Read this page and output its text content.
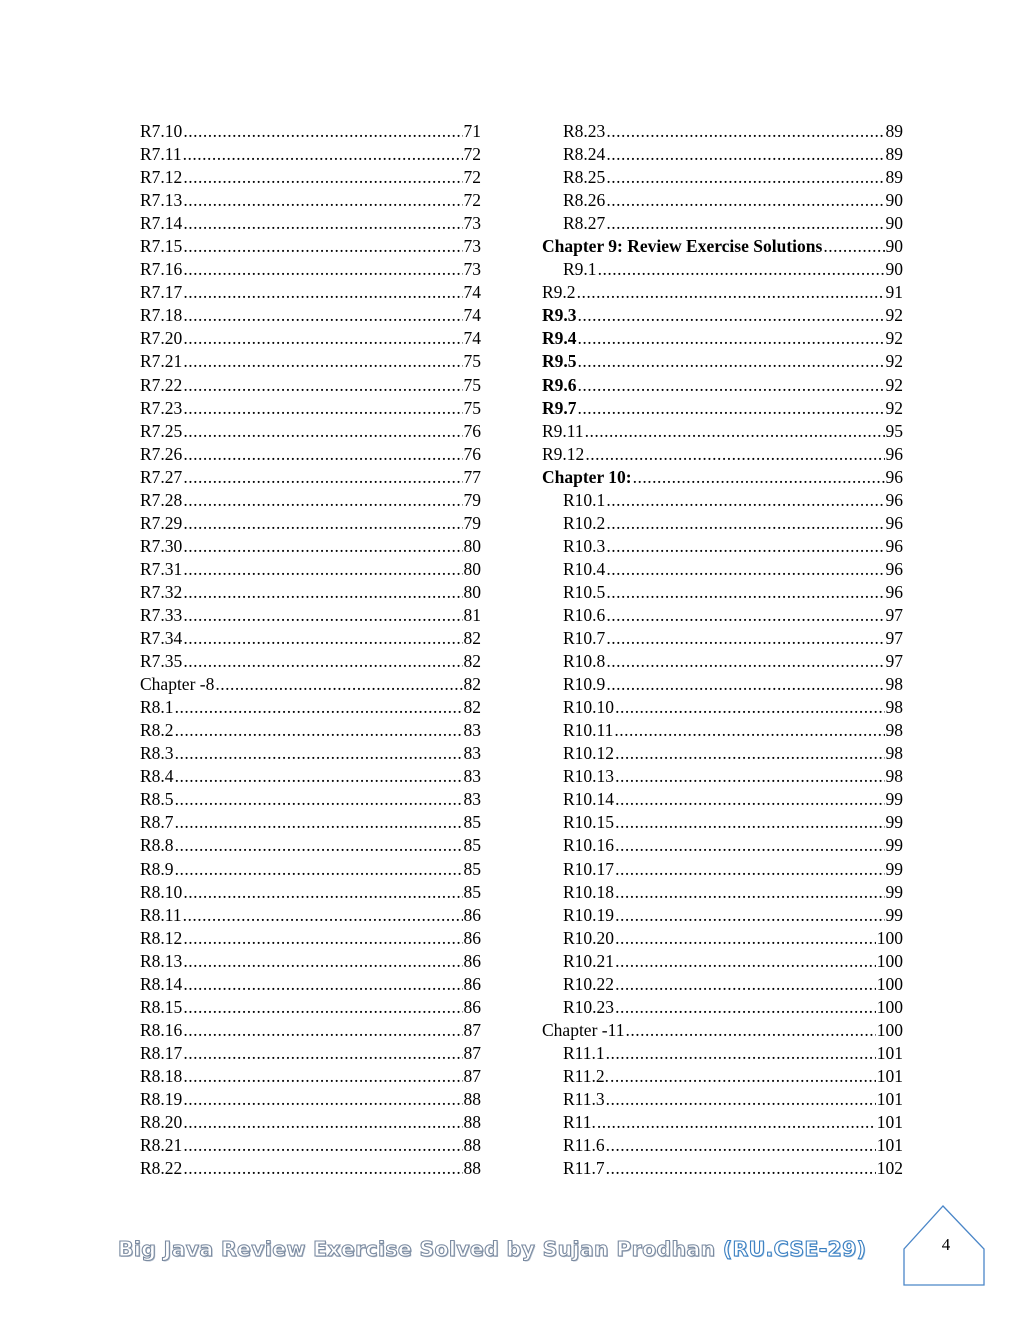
R7.10 .....	71
R7.11 .....	72
R7.12 .....	72
R7.13 .....	72
R7.14 .....	73
R7.15 .....	73
R7.16 .....	73
R7.17 .....	74
R7.18 .....	74
R7.20 .....	74
R7.21 .....	75
R7.22 .....	75
R7.23 .....	75
R7.25 .....	76
R7.26 .....	76
R7.27 .....	77
R7.28 .....	79
R7.29 .....	79
R7.30 .....	80
R7.31 .....	80
R7.32 .....	80
R7.33 .....	81
R7.34 .....	82
R7.35 .....	82
Chapter -8 .....	82
R8.1 .....	82
R8.2 .....	83
R8.3 .....	83
R8.4 .....	83
R8.5 .....	83
R8.7 .....	85
R8.8 .....	85
R8.9 .....	85
R8.10 .....	85
R8.11 .....	86
R8.12 .....	86
R8.13 .....	86
R8.14 .....	86
R8.15 .....	86
R8.16 .....	87
R8.17 .....	87
R8.18 .....	87
R8.19 .....	88
R8.20 .....	88
R8.21 .....	88
R8.22 .....	88
R8.23 .....	89
R8.24 .....	89
R8.25 .....	89
R8.26 .....	90
R8.27 .....	90
Chapter 9: Review Exercise Solutions .....	90
R9.1 .....	90
R9.2 .....	91
R9.3 .....	92
R9.4 .....	92
R9.5 .....	92
R9.6 .....	92
R9.7 .....	92
R9.11 .....	95
R9.12 .....	96
Chapter 10: .....	96
R10.1 .....	96
R10.2 .....	96
R10.3 .....	96
R10.4 .....	96
R10.5 .....	96
R10.6 .....	97
R10.7 .....	97
R10.8 .....	97
R10.9 .....	98
R10.10 .....	98
R10.11 .....	98
R10.12 .....	98
R10.13 .....	98
R10.14 .....	99
R10.15 .....	99
R10.16 .....	99
R10.17 .....	99
R10.18 .....	99
R10.19 .....	99
R10.20 .....	100
R10.21 .....	100
R10.22 .....	100
R10.23 .....	100
Chapter -11 .....	100
R11.1 .....	101
R11.2. .....	101
R11.3 .....	101
R11. .....	101
R11.6 .....	101
R11.7 .....	102
Big Java Review Exercise Solved by Sujan Prodhan (RU.CSE-29)	4
